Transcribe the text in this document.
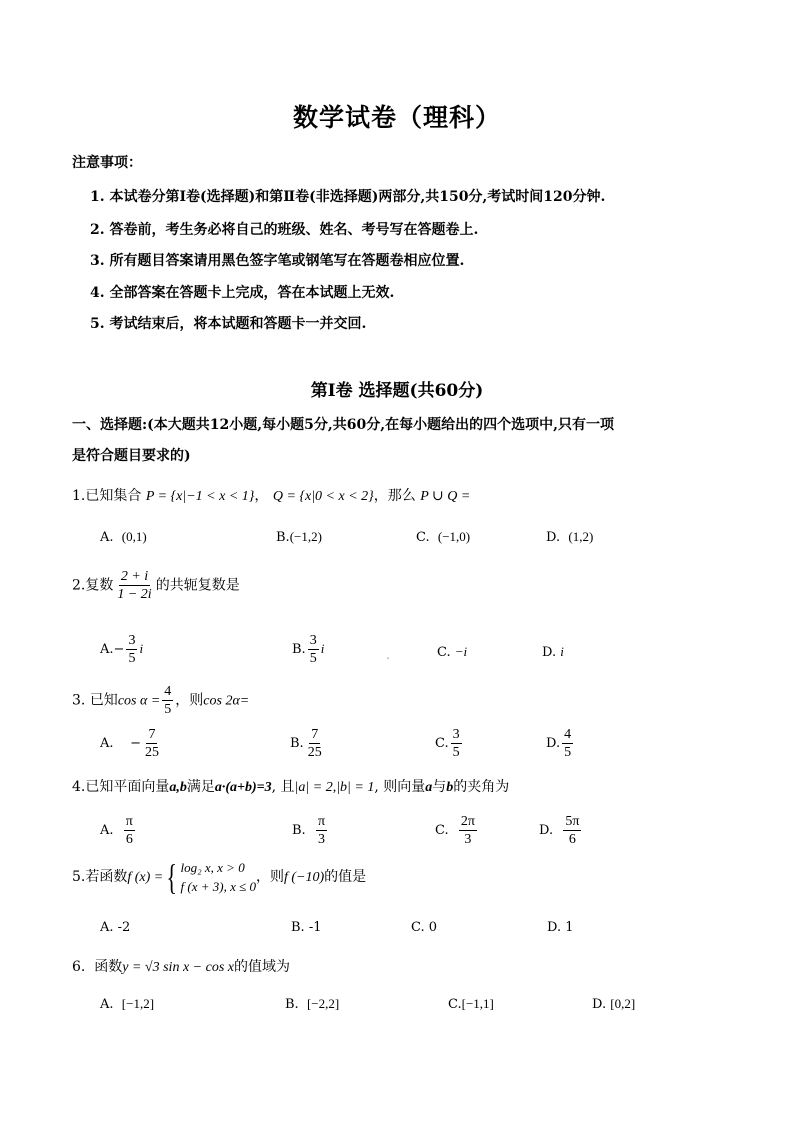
数学试卷（理科）
注意事项：
1. 本试卷分第Ⅰ卷(选择题)和第Ⅱ卷(非选择题)两部分,共150分,考试时间120分钟.
2. 答卷前，考生务必将自己的班级、姓名、考号写在答题卷上.
3. 所有题目答案请用黑色签字笔或钢笔写在答题卷相应位置.
4. 全部答案在答题卡上完成，答在本试题上无效.
5. 考试结束后，将本试题和答题卡一并交回.
第Ⅰ卷 选择题(共60分)
一、选择题:(本大题共12小题,每小题5分,共60分,在每小题给出的四个选项中,只有一项
是符合题目要求的)
1.已知集合 P = {x|−1 < x < 1}， Q = {x|0 < x < 2}，那么 P ∪ Q =
A. (0,1)	B.(−1,2)	C. (−1,0)	D. (1,2)
2.复数 $\frac{2 + i}{1 - 2i}$ 的共轭复数是
$A.- \frac{3}{5}$ i	B. $\frac{3}{5}$ i	C. −i	D. i
.
3. 已知$\cos \alpha = \frac{4}{5}$ ，则cos 2α=
A. − $\frac{7}{25}$	B. $\frac{7}{25}$	C. $\frac{3}{5}$	D. $\frac{4}{5}$
4.已知平面向量a,b满足a·(a+b)=3, 且|a| = 2,|b| = 1, 则向量a与b的夹角为
A. $\frac{\pi}{6}$	B. $\frac{\pi}{3}$	C. $\frac{2\pi}{3}$	D. $\frac{5\pi}{6}$
5.若函数f (x) ={ log₂ x, x > 0
f (x + 3), x ≤ 0
，则f (−10)的值是
A. -2	B. -1	C. 0	D. 1
6. 函数y = √3 sin x − cos x的值域为
A. [−1,2]	B. [−2,2]	C.[−1,1]	D. [0,2]
